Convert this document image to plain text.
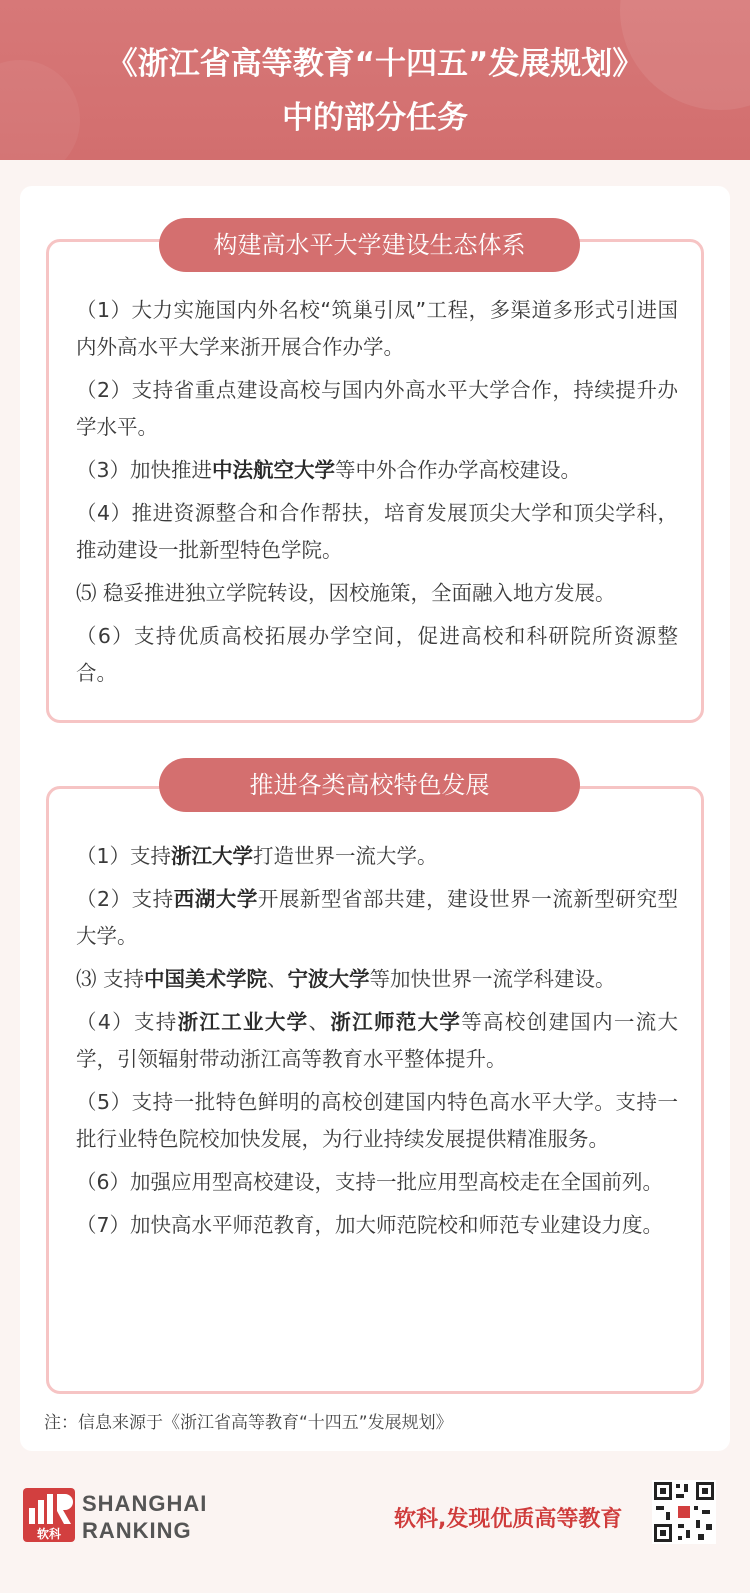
《浙江省高等教育“十四五”发展规划》
中的部分任务
构建高水平大学建设生态体系

（1）大力实施国内外名校“筑巢引凤”工程，多渠道多形式引进国内外高水平大学来浙开展合作办学。

（2）支持省重点建设高校与国内外高水平大学合作，持续提升办学水平。

（3）加快推进中法航空大学等中外合作办学高校建设。

（4）推进资源整合和合作帮扶，培育发展顶尖大学和顶尖学科，推动建设一批新型特色学院。

⑸ 稳妥推进独立学院转设，因校施策，全面融入地方发展。

（6）支持优质高校拓展办学空间，促进高校和科研院所资源整合。

推进各类高校特色发展

（1）支持浙江大学打造世界一流大学。

（2）支持西湖大学开展新型省部共建，建设世界一流新型研究型大学。

⑶ 支持中国美术学院、宁波大学等加快世界一流学科建设。

（4）支持浙江工业大学、浙江师范大学等高校创建国内一流大学，引领辐射带动浙江高等教育水平整体提升。

（5）支持一批特色鲜明的高校创建国内特色高水平大学。支持一批行业特色院校加快发展，为行业持续发展提供精准服务。

（6）加强应用型高校建设，支持一批应用型高校走在全国前列。

（7）加快高水平师范教育，加大师范院校和师范专业建设力度。

注：信息来源于《浙江省高等教育“十四五”发展规划》
软科
SHANGHAI
RANKING	软科,发现优质高等教育
